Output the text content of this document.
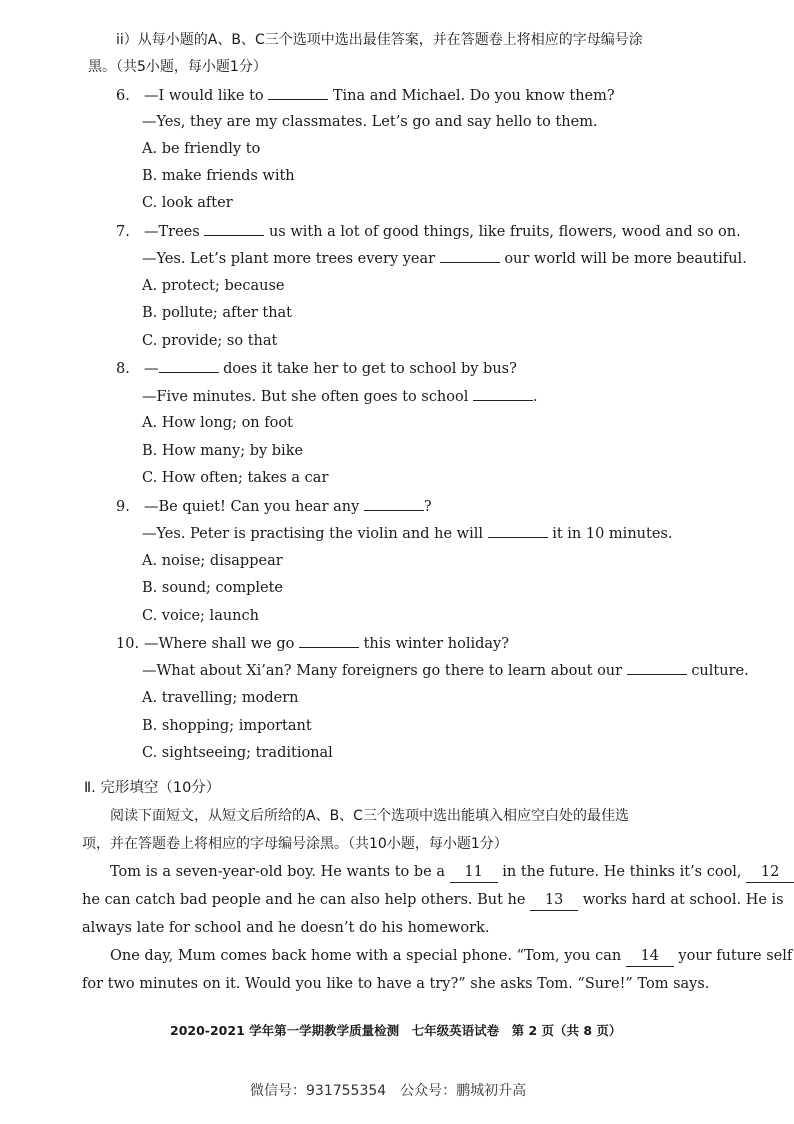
ii）从每小题的A、B、C三个选项中选出最佳答案，并在答题卷上将相应的字母编号涂
黑。（共5小题，每小题1分）
6. —I would like to	Tina and Michael. Do you know them?
—Yes, they are my classmates. Let’s go and say hello to them.
A. be friendly to
B. make friends with
C. look after
7. —Trees	us with a lot of good things, like fruits, flowers, wood and so on.
—Yes. Let’s plant more trees every year	our world will be more beautiful.
A. protect; because
B. pollute; after that
C. provide; so that
8. —	does it take her to get to school by bus?
—Five minutes. But she often goes to school	.
A. How long; on foot
B. How many; by bike
C. How often; takes a car
9. —Be quiet! Can you hear any	?
—Yes. Peter is practising the violin and he will	it in 10 minutes.
A. noise; disappear
B. sound; complete
C. voice; launch
10. —Where shall we go	this winter holiday?
—What about Xi’an? Many foreigners go there to learn about our	culture.
A. travelling; modern
B. shopping; important
C. sightseeing; traditional
Ⅱ. 完形填空（10分）
阅读下面短文，从短文后所给的A、B、C三个选项中选出能填入相应空白处的最佳选
项，并在答题卷上将相应的字母编号涂黑。（共10小题，每小题1分）
Tom is a seven-year-old boy. He wants to be a 11 in the future. He thinks it’s cool, 12
he can catch bad people and he can also help others. But he 13 works hard at school. He is
always late for school and he doesn’t do his homework.
One day, Mum comes back home with a special phone. “Tom, you can 14 your future self
for two minutes on it. Would you like to have a try?” she asks Tom. “Sure!” Tom says.
2020-2021 学年第一学期教学质量检测　七年级英语试卷　第 2 页（共 8 页）
微信号：931755354　公众号：鹏城初升高
